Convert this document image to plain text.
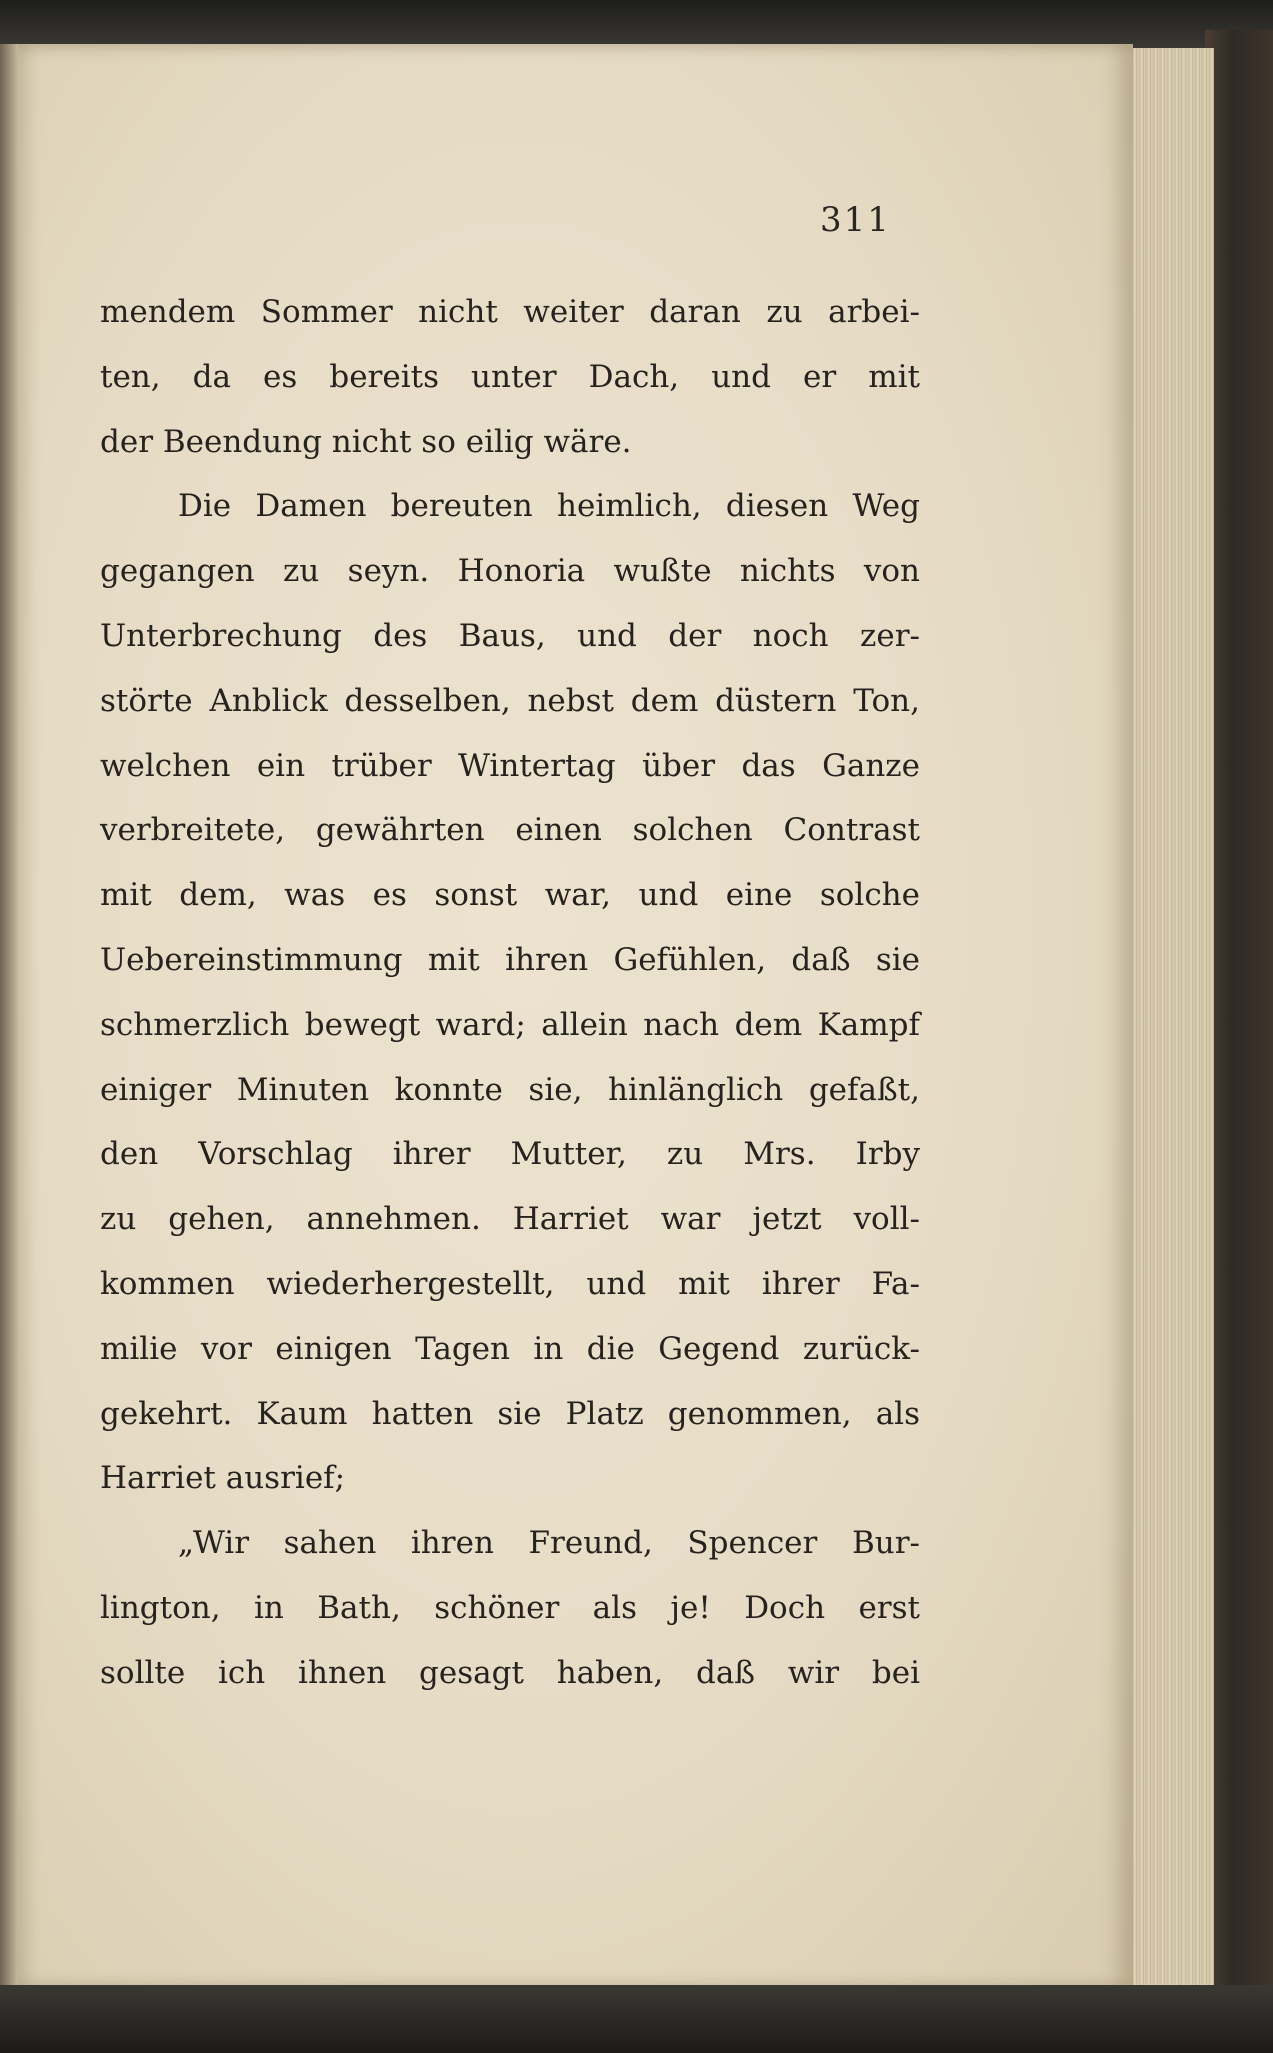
311
mendem Sommer nicht weiter daran zu arbei-
ten, da es bereits unter Dach, und er mit
der Beendung nicht so eilig wäre.
Die Damen bereuten heimlich, diesen Weg
gegangen zu seyn. Honoria wußte nichts von
Unterbrechung des Baus, und der noch zer-
störte Anblick desselben, nebst dem düstern Ton,
welchen ein trüber Wintertag über das Ganze
verbreitete, gewährten einen solchen Contrast
mit dem, was es sonst war, und eine solche
Uebereinstimmung mit ihren Gefühlen, daß sie
schmerzlich bewegt ward; allein nach dem Kampf
einiger Minuten konnte sie, hinlänglich gefaßt,
den Vorschlag ihrer Mutter, zu Mrs. Irby
zu gehen, annehmen. Harriet war jetzt voll-
kommen wiederhergestellt, und mit ihrer Fa-
milie vor einigen Tagen in die Gegend zurück-
gekehrt. Kaum hatten sie Platz genommen, als
Harriet ausrief;
„Wir sahen ihren Freund, Spencer Bur-
lington, in Bath, schöner als je! Doch erst
sollte ich ihnen gesagt haben, daß wir bei
